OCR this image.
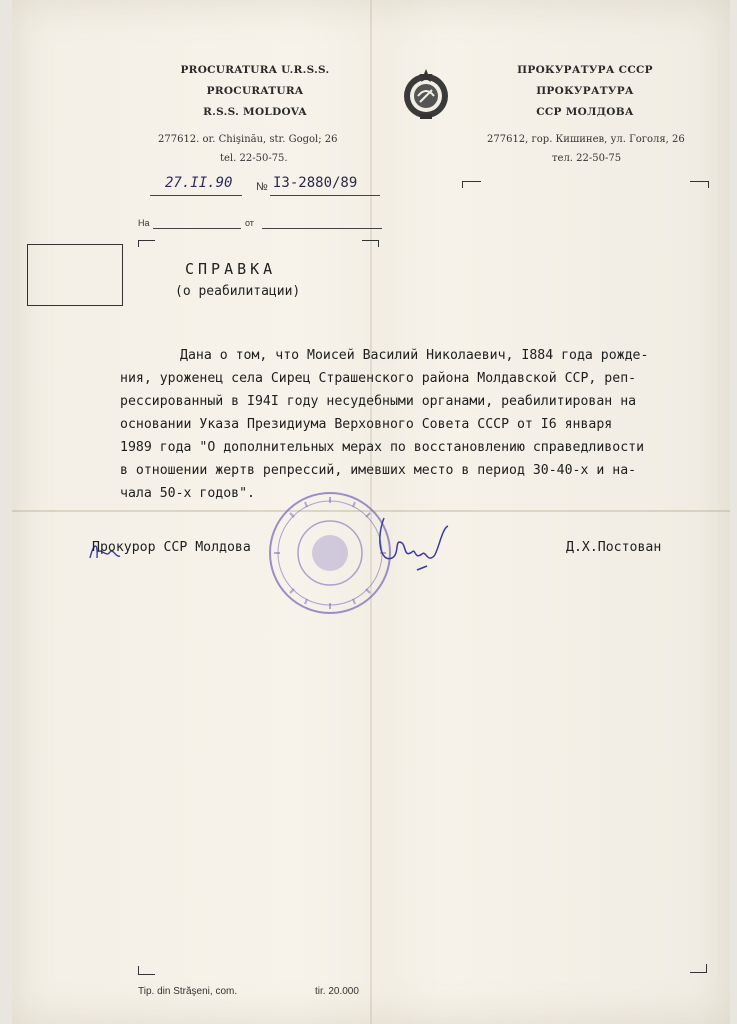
PROCURATURA U.R.S.S.
PROCURATURA
R.S.S. MOLDOVA
277612. or. Chişinău, str. Gogol; 26
tel. 22-50-75.
ПРОКУРАТУРА СССР
ПРОКУРАТУРА
ССР МОЛДОВА
277612, гор. Кишинев, ул. Гоголя, 26
тел. 22-50-75
27.II.90 № I3-2880/89
На	от
СПРАВКА
(о реабилитации)
Дана о том, что Моисей Василий Николаевич, I884 года рожде-
ния, уроженец села Сирец Страшенского района Молдавской ССР, реп-
рессированный в I94I году несудебными органами, реабилитирован на
основании Указа Президиума Верховного Совета СССР от I6 января
1989 года "О дополнительных мерах по восстановлению справедливости
в отношении жертв репрессий, имевших место в период 30-40-х и на-
чала 50-х годов".
Прокурор ССР Молдова	Д.Х.Постован
Tip. din Străşeni, com.	tir. 20.000
